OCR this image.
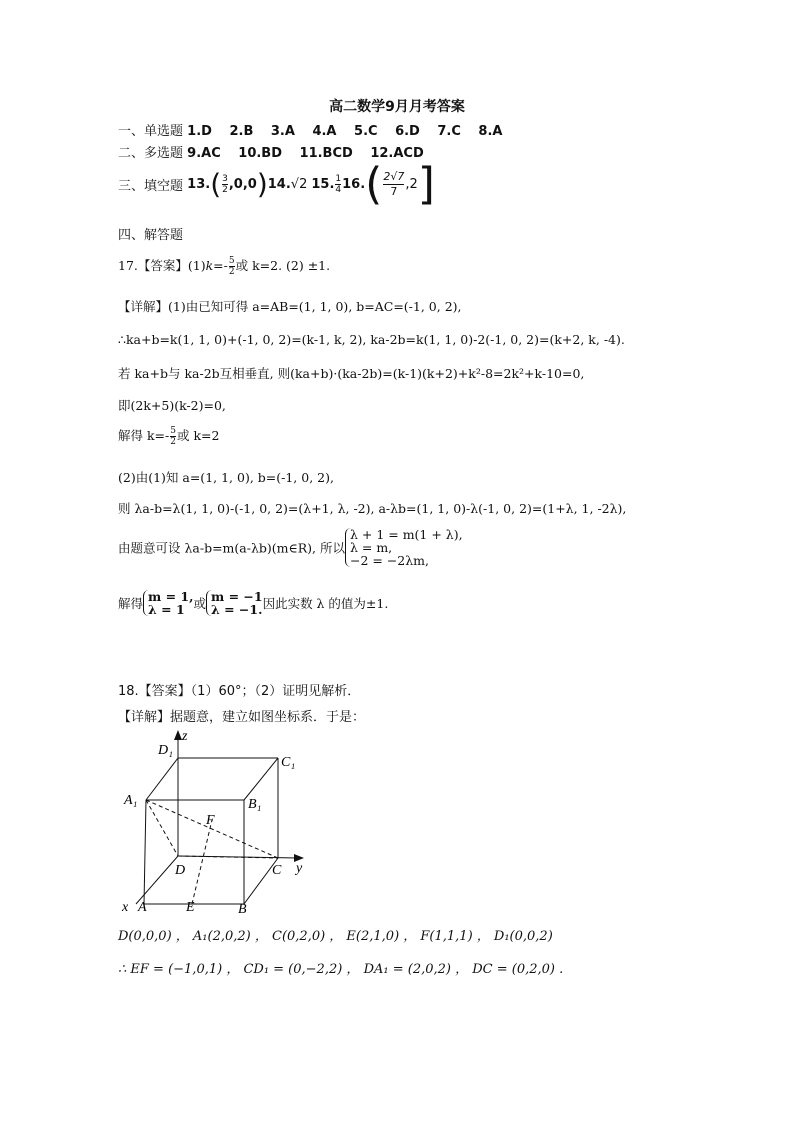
高二数学9月月考答案
一、单选题 1.D　 2.B　 3.A　 4.A　 5.C　 6.D　 7.C　 8.A
二、多选题 9.AC　 10.BD　 11.BCD　 12.ACD
三、填空题 $13.( \frac{3}{2} ,0,0)14.√2$ 15. $\frac{1}{4} 16.( \frac{2√7}{7} ,2]$
四、解答题
17.【答案】$(1)k=- \frac{5}{2}$ 或 k=2. (2) ±1.
【详解】(1)由已知可得 a=AB=(1, 1, 0), b=AC=(-1, 0, 2),
∴ka+b=k(1, 1, 0)+(-1, 0, 2)=(k-1, k, 2), ka-2b=k(1, 1, 0)-2(-1, 0, 2)=(k+2, k, -4).
若 ka+b与 ka-2b互相垂直, 则(ka+b)·(ka-2b)=(k-1)(k+2)+k²-8=2k²+k-10=0,
即(2k+5)(k-2)=0,
解得 $k=- \frac{5}{2}$ 或 k=2
(2)由(1)知 a=(1, 1, 0), b=(-1, 0, 2),
则 λa-b=λ(1, 1, 0)-(-1, 0, 2)=(λ+1, λ, -2), a-λb=(1, 1, 0)-λ(-1, 0, 2)=(1+λ, 1, -2λ),
由题意可设 λa-b=m(a-λb)(m∈R), 所以
λ + 1 = m(1 + λ),
λ = m,
−2 = −2λm,
解得 m = 1,
λ = 1 或 m = −1
λ = −1. 因此实数 λ 的值为±1.
18.【答案】（1）60°；（2）证明见解析．
【详解】据题意，建立如图坐标系．于是：
D₁
C₁
A₁	B₁
F
D	C
A	E	B
x
y
z
D(0,0,0) ， A₁(2,0,2) ， C(0,2,0) ， E(2,1,0) ， F(1,1,1) ， D₁(0,0,2)
∴ EF = (−1,0,1) ， CD₁ = (0,−2,2) ， DA₁ = (2,0,2) ， DC = (0,2,0) .
